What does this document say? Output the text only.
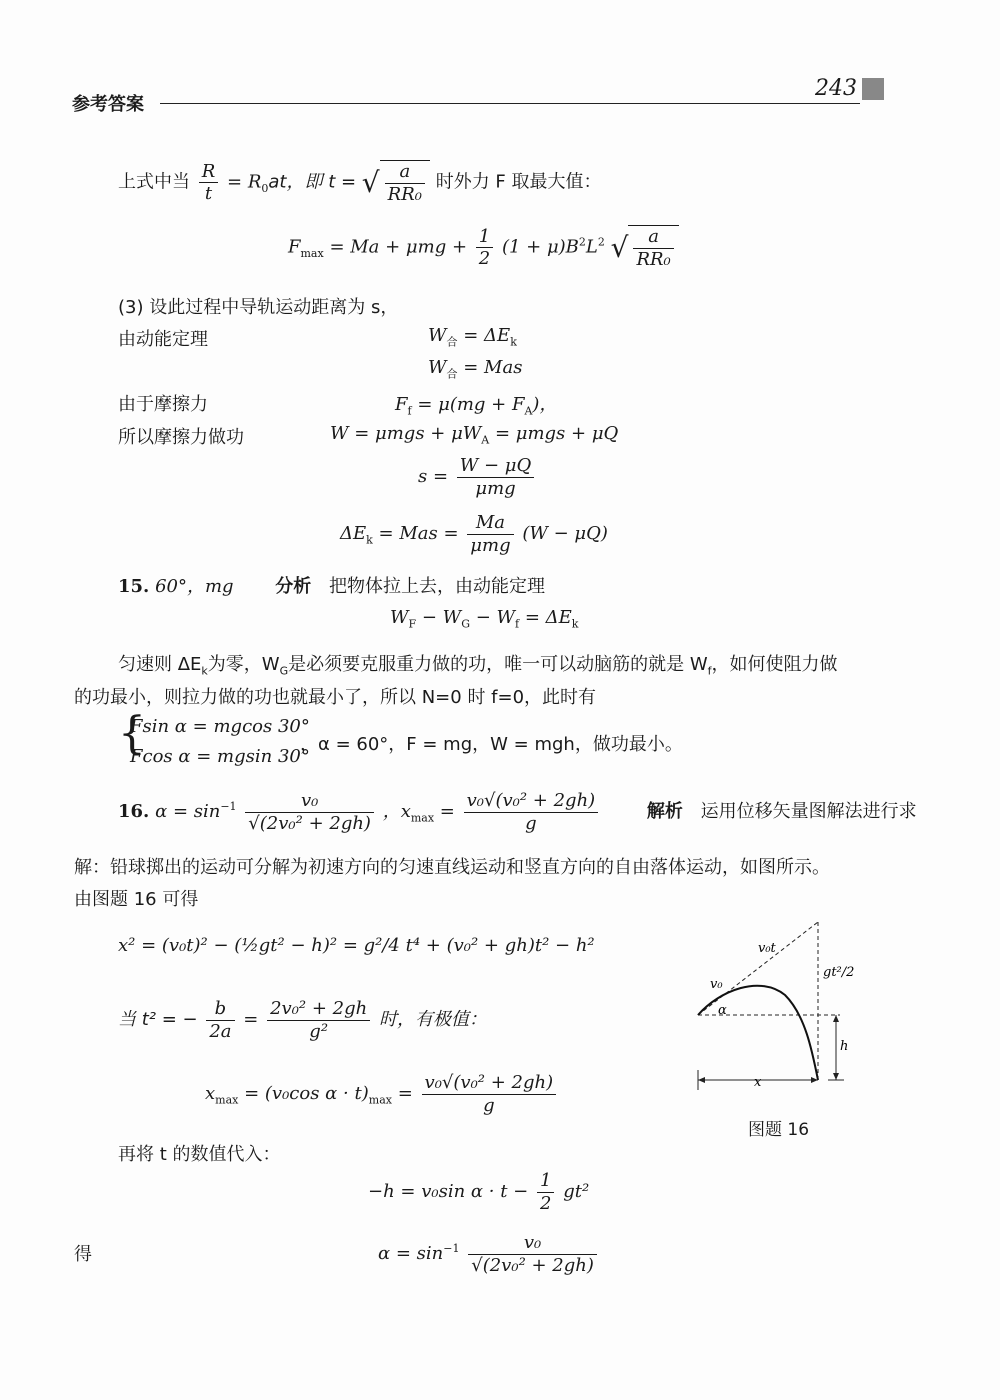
参考答案
243
上式中当 $\frac{R}{t} = R_0at$，即 t = √ $\frac{a}{\text{RR₀}}$ 时外力 F 取最大值：
$F_{max} = Ma + \mu mg + \frac{1}{2} (1 + \mu)B^2L^2$ √ $\frac{a}{\text{RR₀}}$
(3) 设此过程中导轨运动距离为 s，
由动能定理	$W_合 = \Delta E_k$
$W_合$ = Mas
由于摩擦力	$F_f = \mu(mg + F_A)$，
所以摩擦力做功	$W = \mu mgs + \mu W_A = \mu mgs + \mu Q$
$s = \frac{W - \mu Q}{\text{μmg}}$
$\Delta E_k$ = Mas = $\frac{Ma}{\text{μmg}} (W - \mu Q)$
15. 60°，mg 分析 把物体拉上去，由动能定理
$W_F - W_G - W_f = \Delta E_k$
匀速则 $\Delta E_k$为零，$W_G$是必须要克服重力做的功，唯一可以动脑筋的就是 $W_f$，如何使阻力做
的功最小，则拉力做的功也就最小了，所以 N=0 时 f=0，此时有
{
Fsin α = mgcos 30°
Fcos α = mgsin 30°
，α = 60°，F = mg，W = mgh，做功最小。
16. $\alpha = \sin^{-1} \frac{\text{v₀}}{\text{√(2v₀² + 2gh)}}$ ，$x_{max} = \frac{\text{v₀√(v₀² + 2gh)}}{g}$	解析 运用位移矢量图解法进行求
解：铅球掷出的运动可分解为初速方向的匀速直线运动和竖直方向的自由落体运动，如图所示。
由图题 16 可得
x² = (v₀t)² − (½gt² − h)² = g²/4 t⁴ + (v₀² + gh)t² − h²
当 t² = − $\frac{b}{2a} = \frac{\text{2v₀² + 2gh}}{\text{g²}}$ 时，有极值：
$x_{max} = (v_0\cos$ $\alpha \cdot t)_{max} = \frac{\text{v₀√(v₀² + 2gh)}}{g}$
再将 t 的数值代入：
−h = v₀sin $\alpha \cdot t - \frac{1}{2} gt^2$
得	$\alpha = \sin^{-1} \frac{\text{v₀}}{\text{√(2v₀² + 2gh)}}$
v₀t
v₀
α
gt²/2
h
x
图题 16
